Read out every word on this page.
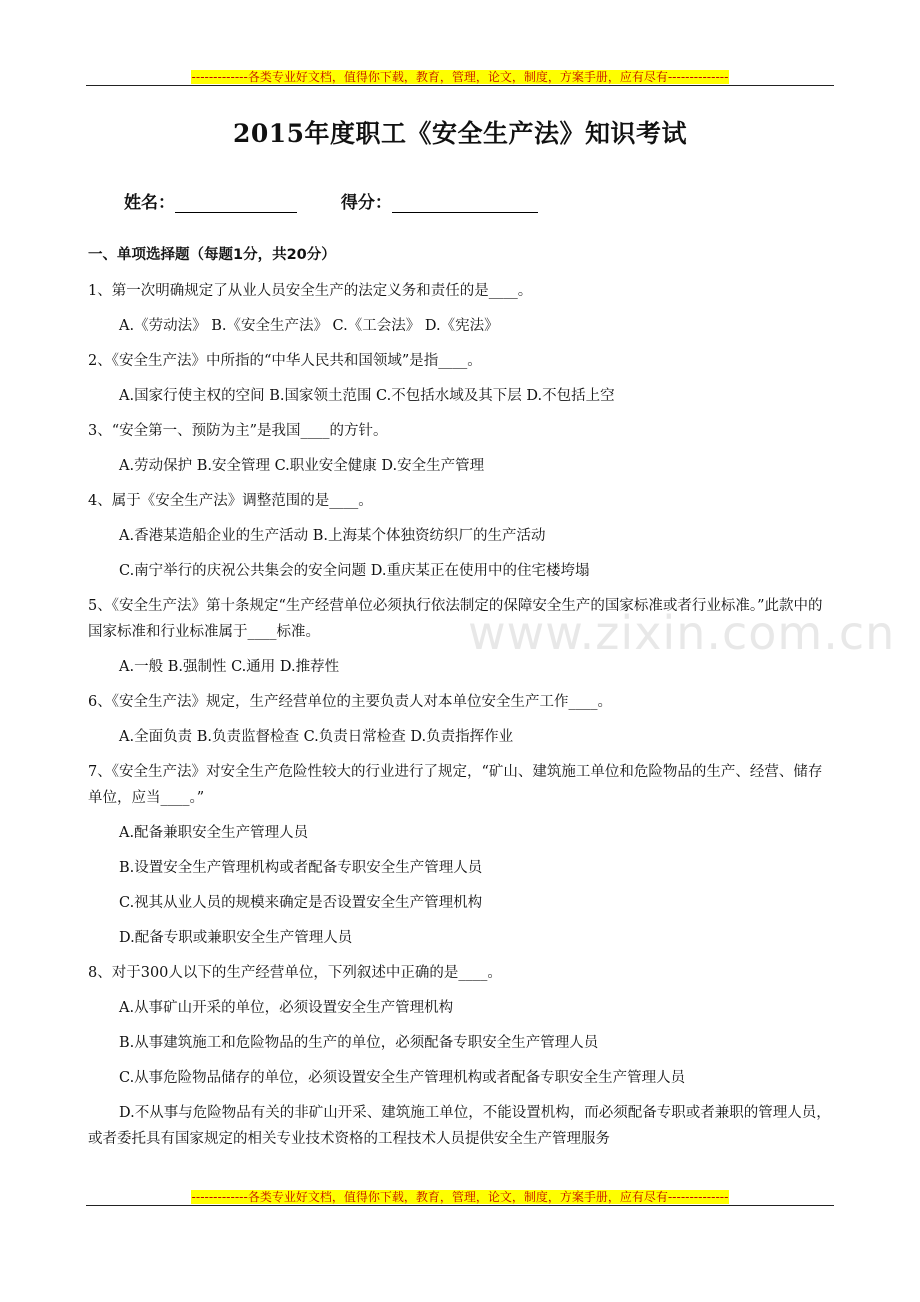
-------------各类专业好文档，值得你下载，教育，管理，论文，制度，方案手册，应有尽有--------------
www.zixin.com.cn
2015年度职工《安全生产法》知识考试
姓名：	得分：
一、单项选择题（每题1分，共20分）
1、第一次明确规定了从业人员安全生产的法定义务和责任的是____。
A.《劳动法》 B.《安全生产法》 C.《工会法》 D.《宪法》
2、《安全生产法》中所指的“中华人民共和国领域”是指____。
A.国家行使主权的空间 B.国家领土范围 C.不包括水域及其下层 D.不包括上空
3、“安全第一、预防为主”是我国____的方针。
A.劳动保护 B.安全管理 C.职业安全健康 D.安全生产管理
4、属于《安全生产法》调整范围的是____。
A.香港某造船企业的生产活动 B.上海某个体独资纺织厂的生产活动
C.南宁举行的庆祝公共集会的安全问题 D.重庆某正在使用中的住宅楼垮塌
5、《安全生产法》第十条规定“生产经营单位必须执行依法制定的保障安全生产的国家标准或者行业标准。”此款中的国家标准和行业标准属于____标准。
A.一般 B.强制性 C.通用 D.推荐性
6、《安全生产法》规定，生产经营单位的主要负责人对本单位安全生产工作____。
A.全面负责 B.负责监督检查 C.负责日常检查 D.负责指挥作业
7、《安全生产法》对安全生产危险性较大的行业进行了规定，“矿山、建筑施工单位和危险物品的生产、经营、储存单位，应当____。”
A.配备兼职安全生产管理人员
B.设置安全生产管理机构或者配备专职安全生产管理人员
C.视其从业人员的规模来确定是否设置安全生产管理机构
D.配备专职或兼职安全生产管理人员
8、对于300人以下的生产经营单位，下列叙述中正确的是____。
A.从事矿山开采的单位，必须设置安全生产管理机构
B.从事建筑施工和危险物品的生产的单位，必须配备专职安全生产管理人员
C.从事危险物品储存的单位，必须设置安全生产管理机构或者配备专职安全生产管理人员
D.不从事与危险物品有关的非矿山开采、建筑施工单位，不能设置机构，而必须配备专职或者兼职的管理人员，或者委托具有国家规定的相关专业技术资格的工程技术人员提供安全生产管理服务
-------------各类专业好文档，值得你下载，教育，管理，论文，制度，方案手册，应有尽有--------------
